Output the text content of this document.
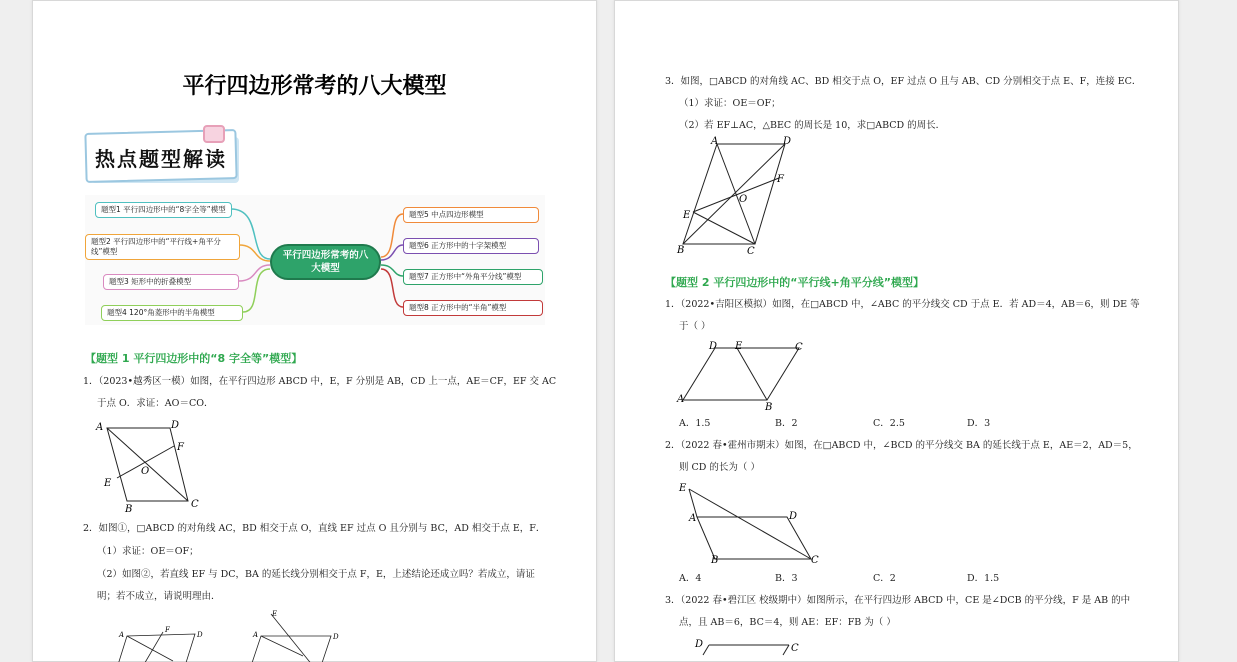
平行四边形常考的八大模型
热点题型解读
题型1 平行四边形中的“8字全等”模型
题型2 平行四边形中的“平行线+角平分
线”模型
题型3 矩形中的折叠模型
题型4 120°角菱形中的半角模型
平行四边形常考的八大模型
题型5 中点四边形模型
题型6 正方形中的十字架模型
题型7 正方形中“外角平分线”模型
题型8 正方形中的“半角”模型
【题型 1 平行四边形中的“8 字全等”模型】
1．（2023•越秀区一模）如图，在平行四边形 ABCD 中，E，F 分别是 AB，CD 上一点，AE＝CF，EF 交 AC
于点 O．求证：AO＝CO．
A	D
F
O
E
B	C
2．如图①，□ABCD 的对角线 AC，BD 相交于点 O，直线 EF 过点 O 且分别与 BC，AD 相交于点 E，F．
（1）求证：OE＝OF；
（2）如图②，若直线 EF 与 DC，BA 的延长线分别相交于点 F，E，上述结论还成立吗？若成立，请证
明；若不成立，请说明理由．
A
F
D
E
A	D
3．如图，□ABCD 的对角线 AC、BD 相交于点 O，EF 过点 O 且与 AB、CD 分别相交于点 E、F，连接 EC．
（1）求证：OE＝OF；
（2）若 EF⊥AC，△BEC 的周长是 10，求□ABCD 的周长．
A	D
F
O
E
B	C
【题型 2 平行四边形中的“平行线+角平分线”模型】
1．（2022•吉阳区模拟）如图，在□ABCD 中，∠ABC 的平分线交 CD 于点 E．若 AD＝4，AB＝6，则 DE 等
于（ ）
D E	C
A
B
A．1.5	B．2	C．2.5	D．3
2．（2022 春•霍州市期末）如图，在□ABCD 中，∠BCD 的平分线交 BA 的延长线于点 E，AE＝2，AD＝5，
则 CD 的长为（ ）
E
A	D
B	C
A．4	B．3	C．2	D．1.5
3．（2022 春•碧江区 校级期中）如图所示，在平行四边形 ABCD 中，CE 是∠DCB 的平分线，F 是 AB 的中
点，且 AB＝6，BC＝4，则 AE：EF：FB 为（ ）
D	C
